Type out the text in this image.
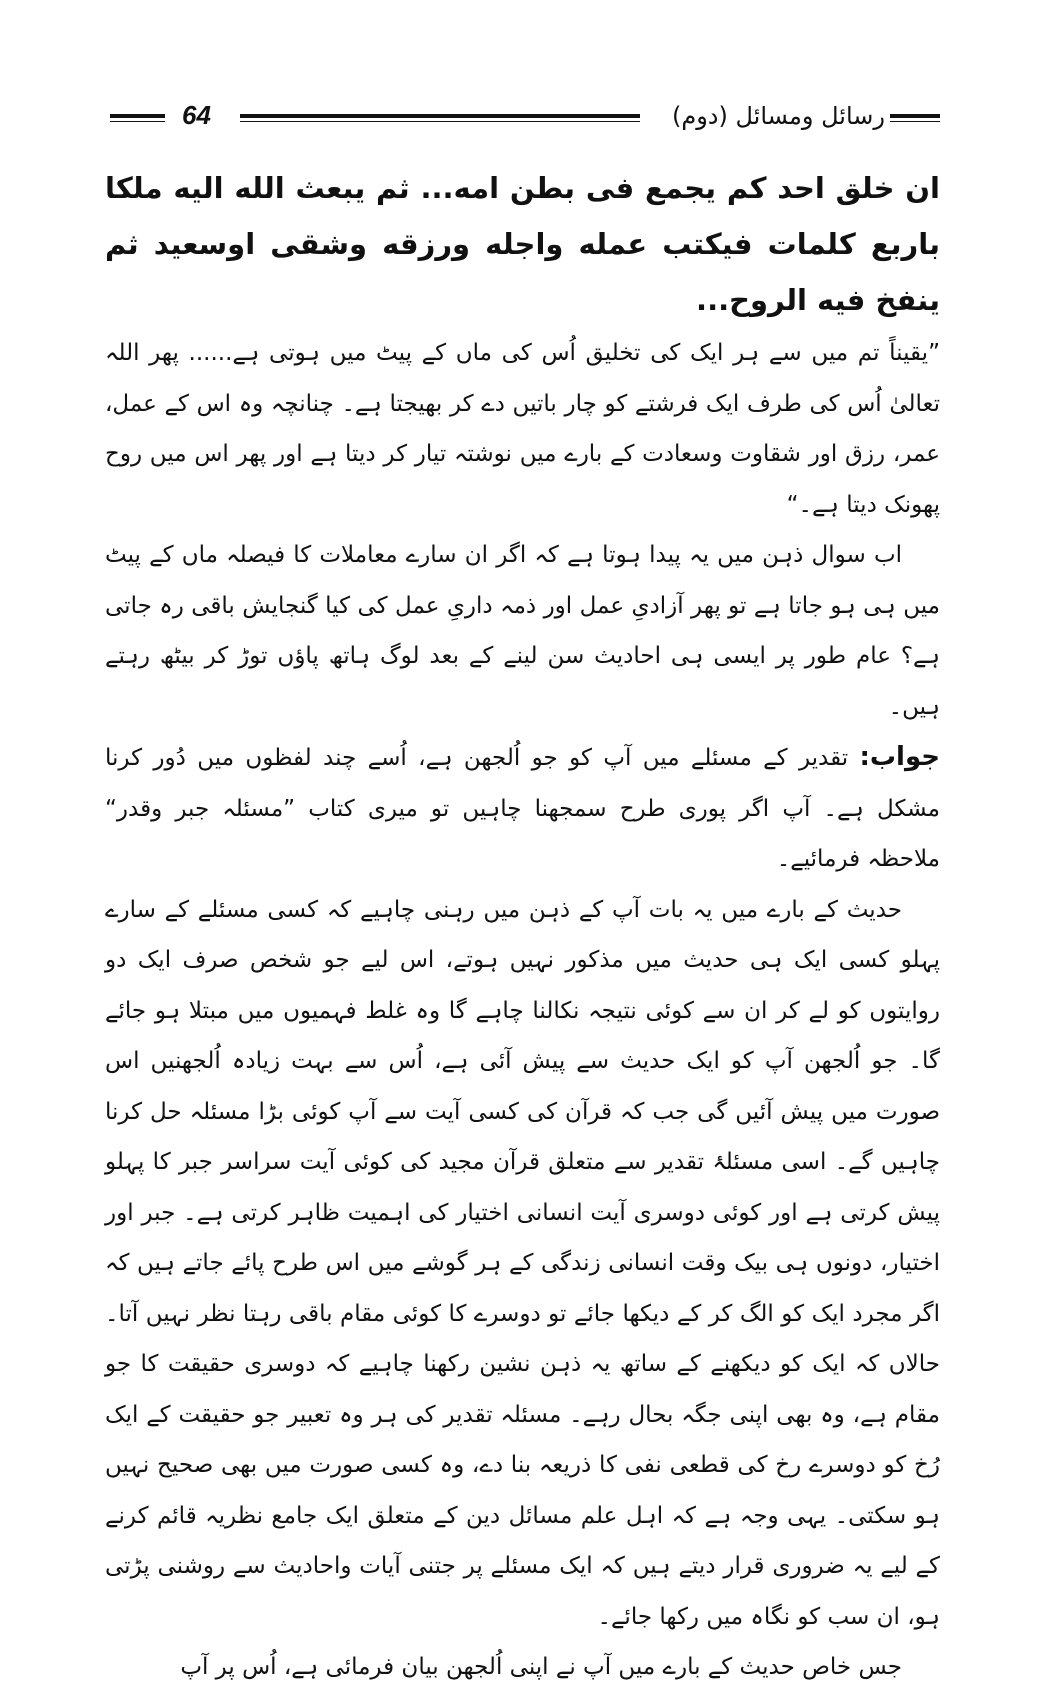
64	رسائل ومسائل (دوم)

ان خلق احد کم یجمع فی بطن امه... ثم یبعث الله الیه ملکا باربع کلمات فیکتب عمله واجله ورزقه وشقی اوسعید ثم ینفخ فیه الروح...

”یقیناً تم میں سے ہر ایک کی تخلیق اُس کی ماں کے پیٹ میں ہوتی ہے...... پھر اللہ تعالیٰ اُس کی طرف ایک فرشتے کو چار باتیں دے کر بھیجتا ہے۔ چنانچہ وہ اس کے عمل، عمر، رزق اور شقاوت وسعادت کے بارے میں نوشتہ تیار کر دیتا ہے اور پھر اس میں روح پھونک دیتا ہے۔“

اب سوال ذہن میں یہ پیدا ہوتا ہے کہ اگر ان سارے معاملات کا فیصلہ ماں کے پیٹ میں ہی ہو جاتا ہے تو پھر آزادیِ عمل اور ذمہ داریِ عمل کی کیا گنجایش باقی رہ جاتی ہے؟ عام طور پر ایسی ہی احادیث سن لینے کے بعد لوگ ہاتھ پاؤں توڑ کر بیٹھ رہتے ہیں۔

جواب: تقدیر کے مسئلے میں آپ کو جو اُلجھن ہے، اُسے چند لفظوں میں دُور کرنا مشکل ہے۔ آپ اگر پوری طرح سمجھنا چاہیں تو میری کتاب ”مسئلہ جبر وقدر“ ملاحظہ فرمائیے۔

حدیث کے بارے میں یہ بات آپ کے ذہن میں رہنی چاہیے کہ کسی مسئلے کے سارے پہلو کسی ایک ہی حدیث میں مذکور نہیں ہوتے، اس لیے جو شخص صرف ایک دو روایتوں کو لے کر ان سے کوئی نتیجہ نکالنا چاہے گا وہ غلط فہمیوں میں مبتلا ہو جائے گا۔ جو اُلجھن آپ کو ایک حدیث سے پیش آئی ہے، اُس سے بہت زیادہ اُلجھنیں اس صورت میں پیش آئیں گی جب کہ قرآن کی کسی آیت سے آپ کوئی بڑا مسئلہ حل کرنا چاہیں گے۔ اسی مسئلۂ تقدیر سے متعلق قرآن مجید کی کوئی آیت سراسر جبر کا پہلو پیش کرتی ہے اور کوئی دوسری آیت انسانی اختیار کی اہمیت ظاہر کرتی ہے۔ جبر اور اختیار، دونوں ہی بیک وقت انسانی زندگی کے ہر گوشے میں اس طرح پائے جاتے ہیں کہ اگر مجرد ایک کو الگ کر کے دیکھا جائے تو دوسرے کا کوئی مقام باقی رہتا نظر نہیں آتا۔ حالاں کہ ایک کو دیکھنے کے ساتھ یہ ذہن نشین رکھنا چاہیے کہ دوسری حقیقت کا جو مقام ہے، وہ بھی اپنی جگہ بحال رہے۔ مسئلہ تقدیر کی ہر وہ تعبیر جو حقیقت کے ایک رُخ کو دوسرے رخ کی قطعی نفی کا ذریعہ بنا دے، وہ کسی صورت میں بھی صحیح نہیں ہو سکتی۔ یہی وجہ ہے کہ اہل علم مسائل دین کے متعلق ایک جامع نظریہ قائم کرنے کے لیے یہ ضروری قرار دیتے ہیں کہ ایک مسئلے پر جتنی آیات واحادیث سے روشنی پڑتی ہو، ان سب کو نگاہ میں رکھا جائے۔

جس خاص حدیث کے بارے میں آپ نے اپنی اُلجھن بیان فرمائی ہے، اُس پر آپ
